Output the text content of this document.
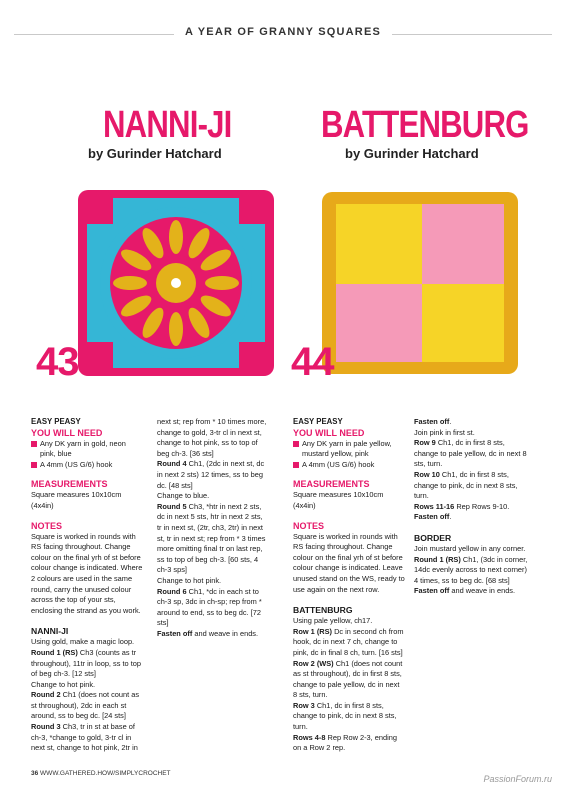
A YEAR OF GRANNY SQUARES
NANNI-JI
by Gurinder Hatchard
43
BATTENBURG
by Gurinder Hatchard
44
EASY PEASY
YOU WILL NEED
Any DK yarn in gold, neon pink, blue
A 4mm (US G/6) hook
MEASUREMENTS

Square measures 10x10cm (4x4in)

NOTES

Square is worked in rounds with RS facing throughout. Change colour on the final yrh of st before colour change is indicated. Where 2 colours are used in the same round, carry the unused colour across the top of your sts, enclosing the strand as you work.

NANNI-JI

Using gold, make a magic loop.

Round 1 (RS) Ch3 (counts as tr throughout), 11tr in loop, ss to top of beg ch-3. [12 sts]

Change to hot pink.

Round 2 Ch1 (does not count as st throughout), 2dc in each st around, ss to beg dc. [24 sts]

Round 3 Ch3, tr in st at base of ch-3, *change to gold, 3-tr cl in next st, change to hot pink, 2tr in

next st; rep from * 10 times more, change to gold, 3-tr cl in next st, change to hot pink, ss to top of beg ch-3. [36 sts]

Round 4 Ch1, (2dc in next st, dc in next 2 sts) 12 times, ss to beg dc. [48 sts]

Change to blue.

Round 5 Ch3, *htr in next 2 sts, dc in next 5 sts, htr in next 2 sts, tr in next st, (2tr, ch3, 2tr) in next st, tr in next st; rep from * 3 times more omitting final tr on last rep, ss to top of beg ch-3. [60 sts, 4 ch-3 sps]

Change to hot pink.

Round 6 Ch1, *dc in each st to ch-3 sp, 3dc in ch-sp; rep from * around to end, ss to beg dc. [72 sts]

Fasten off and weave in ends.

EASY PEASY
YOU WILL NEED
Any DK yarn in pale yellow, mustard yellow, pink
A 4mm (US G/6) hook
MEASUREMENTS

Square measures 10x10cm (4x4in)

NOTES

Square is worked in rounds with RS facing throughout. Change colour on the final yrh of st before colour change is indicated. Leave unused stand on the WS, ready to use again on the next row.

BATTENBURG

Using pale yellow, ch17.

Row 1 (RS) Dc in second ch from hook, dc in next 7 ch, change to pink, dc in final 8 ch, turn. [16 sts]

Row 2 (WS) Ch1 (does not count as st throughout), dc in first 8 sts, change to pale yellow, dc in next 8 sts, turn.

Row 3 Ch1, dc in first 8 sts, change to pink, dc in next 8 sts, turn.

Rows 4-8 Rep Row 2-3, ending on a Row 2 rep.

Fasten off.

Join pink in first st.

Row 9 Ch1, dc in first 8 sts, change to pale yellow, dc in next 8 sts, turn.

Row 10 Ch1, dc in first 8 sts, change to pink, dc in next 8 sts, turn.

Rows 11-16 Rep Rows 9-10.

Fasten off.

BORDER

Join mustard yellow in any corner.

Round 1 (RS) Ch1, (3dc in corner, 14dc evenly across to next corner) 4 times, ss to beg dc. [68 sts]

Fasten off and weave in ends.

36 WWW.GATHERED.HOW/SIMPLYCROCHET
PassionForum.ru
